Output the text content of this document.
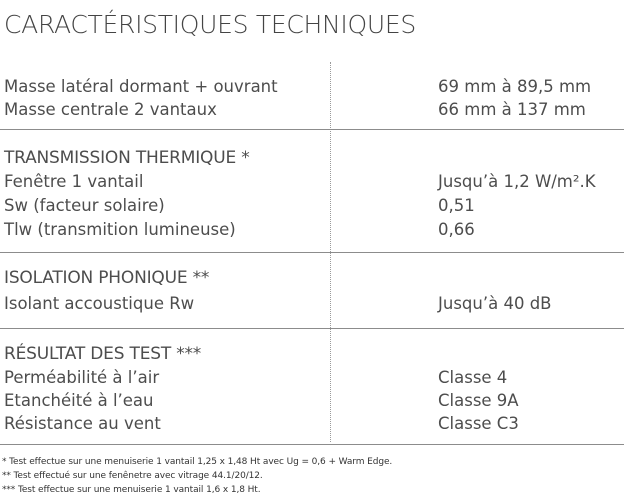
CARACTÉRISTIQUES TECHNIQUES
Masse latéral dormant + ouvrant	69 mm à 89,5 mm
Masse centrale 2 vantaux	66 mm à 137 mm
TRANSMISSION THERMIQUE *
Fenêtre 1 vantail	Jusqu’à 1,2 W/m².K
Sw (facteur solaire)	0,51
Tlw (transmition lumineuse)	0,66
ISOLATION PHONIQUE **
Isolant accoustique Rw	Jusqu’à 40 dB
RÉSULTAT DES TEST ***
Perméabilité à l’air	Classe 4
Etanchéité à l’eau	Classe 9A
Résistance au vent	Classe C3
* Test effectue sur une menuiserie 1 vantail 1,25 x 1,48 Ht avec Ug = 0,6 + Warm Edge.
** Test effectué sur une fenênetre avec vitrage 44.1/20/12.
*** Test effectue sur une menuiserie 1 vantail 1,6 x 1,8 Ht.
